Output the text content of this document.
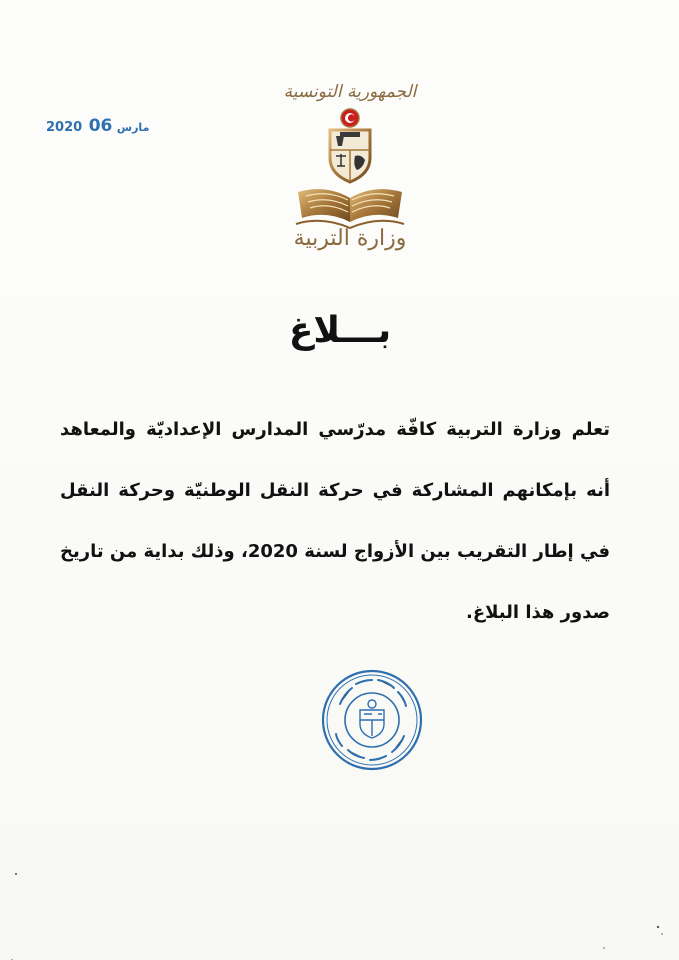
2020	مارس 06
الجمهورية التونسية
وزارة التربية
بـــلاغ

تعلم وزارة التربية كافّة مدرّسي المدارس الإعداديّة والمعاهد

أنه بإمكانهم المشاركة في حركة النقل الوطنيّة وحركة النقل

في إطار التقريب بين الأزواج لسنة 2020، وذلك بداية من تاريخ

صدور هذا البلاغ.
